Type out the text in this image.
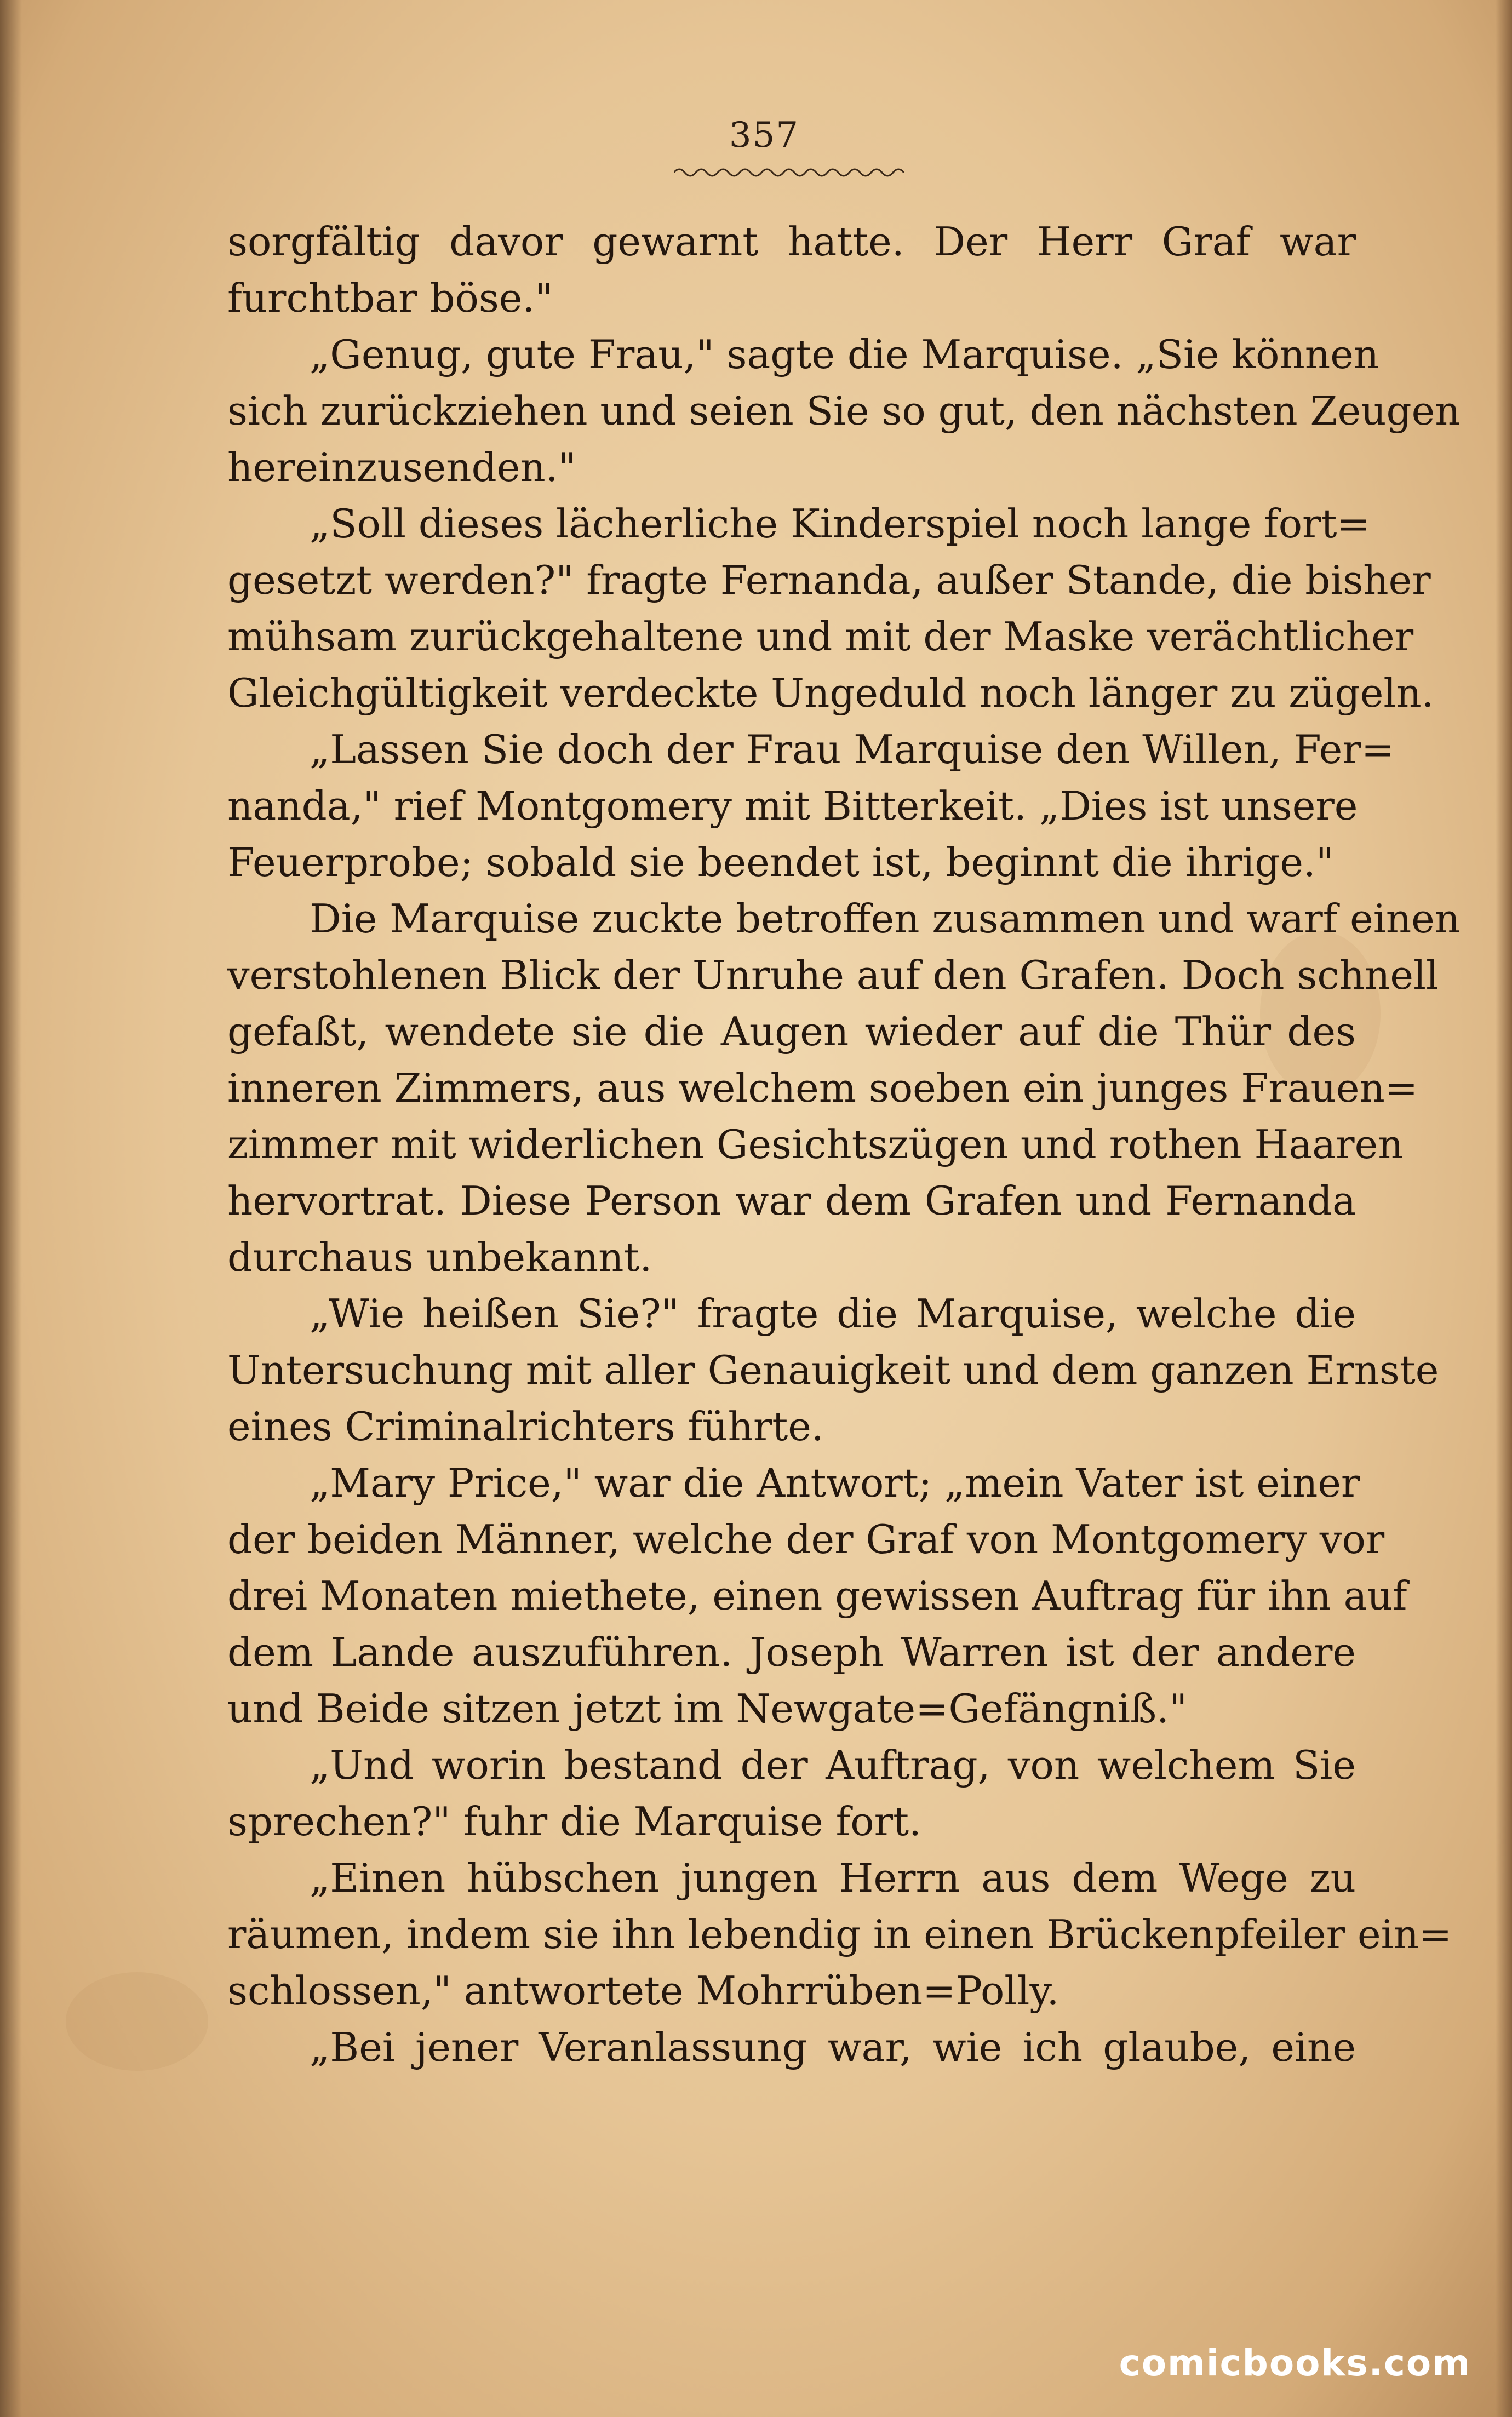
357
sorgfältig davor gewarnt hatte. Der Herr Graf war
furchtbar böse."
„Genug, gute Frau," sagte die Marquise. „Sie können
sich zurückziehen und seien Sie so gut, den nächsten Zeugen
hereinzusenden."
„Soll dieses lächerliche Kinderspiel noch lange fort=
gesetzt werden?" fragte Fernanda, außer Stande, die bisher
mühsam zurückgehaltene und mit der Maske verächtlicher
Gleichgültigkeit verdeckte Ungeduld noch länger zu zügeln.
„Lassen Sie doch der Frau Marquise den Willen, Fer=
nanda," rief Montgomery mit Bitterkeit. „Dies ist unsere
Feuerprobe; sobald sie beendet ist, beginnt die ihrige."
Die Marquise zuckte betroffen zusammen und warf einen
verstohlenen Blick der Unruhe auf den Grafen. Doch schnell
gefaßt, wendete sie die Augen wieder auf die Thür des
inneren Zimmers, aus welchem soeben ein junges Frauen=
zimmer mit widerlichen Gesichtszügen und rothen Haaren
hervortrat. Diese Person war dem Grafen und Fernanda
durchaus unbekannt.
„Wie heißen Sie?" fragte die Marquise, welche die
Untersuchung mit aller Genauigkeit und dem ganzen Ernste
eines Criminalrichters führte.
„Mary Price," war die Antwort; „mein Vater ist einer
der beiden Männer, welche der Graf von Montgomery vor
drei Monaten miethete, einen gewissen Auftrag für ihn auf
dem Lande auszuführen. Joseph Warren ist der andere
und Beide sitzen jetzt im Newgate=Gefängniß."
„Und worin bestand der Auftrag, von welchem Sie
sprechen?" fuhr die Marquise fort.
„Einen hübschen jungen Herrn aus dem Wege zu
räumen, indem sie ihn lebendig in einen Brückenpfeiler ein=
schlossen," antwortete Mohrrüben=Polly.
„Bei jener Veranlassung war, wie ich glaube, eine
comicbooks.com
